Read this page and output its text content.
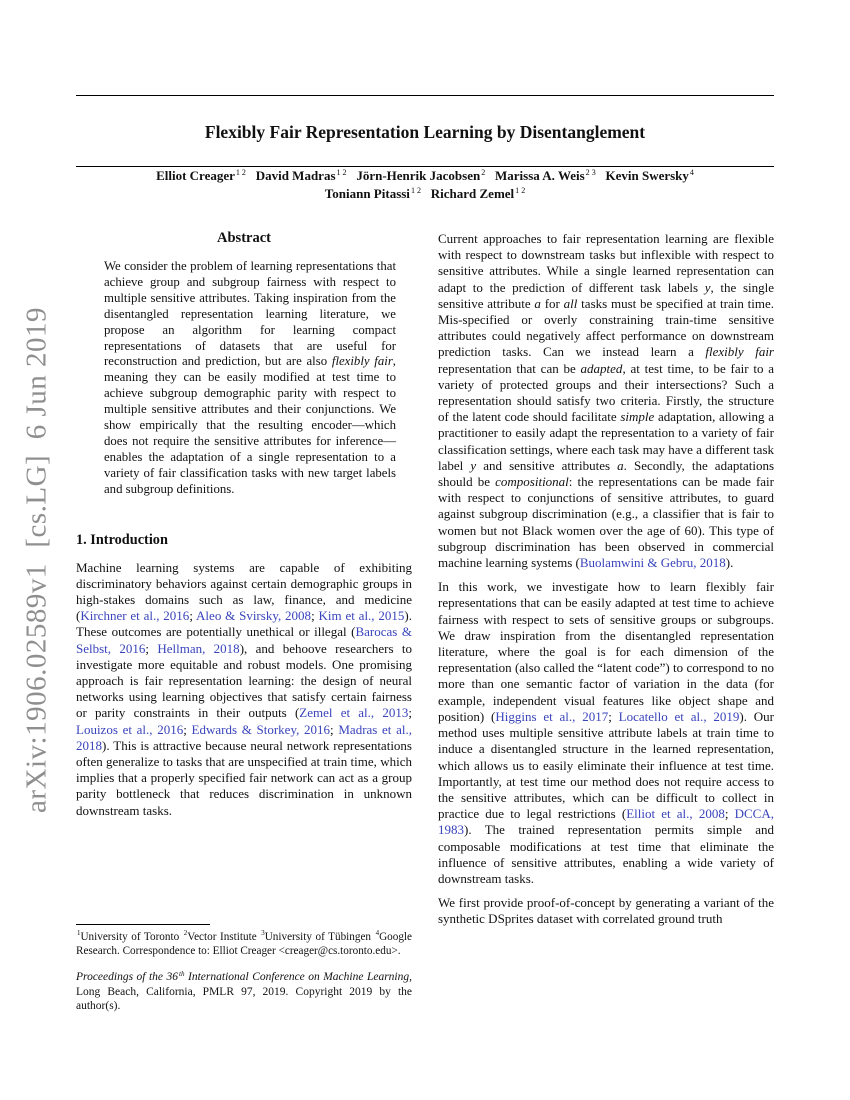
arXiv:1906.02589v1  [cs.LG]  6 Jun 2019
Flexibly Fair Representation Learning by Disentanglement
Elliot Creager$^{1 2}$ David Madras$^{1 2}$ Jörn-Henrik Jacobsen$^2$ Marissa A. Weis$^{2 3}$ Kevin Swersky$^4$
Toniann Pitassi$^{1 2}$ Richard Zemel$^{1 2}$
Abstract

We consider the problem of learning representations that achieve group and subgroup fairness with respect to multiple sensitive attributes. Taking inspiration from the disentangled representation learning literature, we propose an algorithm for learning compact representations of datasets that are useful for reconstruction and prediction, but are also flexibly fair, meaning they can be easily modified at test time to achieve subgroup demographic parity with respect to multiple sensitive attributes and their conjunctions. We show empirically that the resulting encoder—which does not require the sensitive attributes for inference—enables the adaptation of a single representation to a variety of fair classification tasks with new target labels and subgroup definitions.

1. Introduction

Machine learning systems are capable of exhibiting discriminatory behaviors against certain demographic groups in high-stakes domains such as law, finance, and medicine (Kirchner et al., 2016; Aleo & Svirsky, 2008; Kim et al., 2015). These outcomes are potentially unethical or illegal (Barocas & Selbst, 2016; Hellman, 2018), and behoove researchers to investigate more equitable and robust models. One promising approach is fair representation learning: the design of neural networks using learning objectives that satisfy certain fairness or parity constraints in their outputs (Zemel et al., 2013; Louizos et al., 2016; Edwards & Storkey, 2016; Madras et al., 2018). This is attractive because neural network representations often generalize to tasks that are unspecified at train time, which implies that a properly specified fair network can act as a group parity bottleneck that reduces discrimination in unknown downstream tasks.

$^1$University of Toronto $^2$Vector Institute $^3$University of Tübingen $^4$Google Research. Correspondence to: Elliot Creager <creager@cs.toronto.edu>.

Proceedings of the 36th International Conference on Machine Learning, Long Beach, California, PMLR 97, 2019. Copyright 2019 by the author(s).

Current approaches to fair representation learning are flexible with respect to downstream tasks but inflexible with respect to sensitive attributes. While a single learned representation can adapt to the prediction of different task labels y, the single sensitive attribute a for all tasks must be specified at train time. Mis-specified or overly constraining train-time sensitive attributes could negatively affect performance on downstream prediction tasks. Can we instead learn a flexibly fair representation that can be adapted, at test time, to be fair to a variety of protected groups and their intersections? Such a representation should satisfy two criteria. Firstly, the structure of the latent code should facilitate simple adaptation, allowing a practitioner to easily adapt the representation to a variety of fair classification settings, where each task may have a different task label y and sensitive attributes a. Secondly, the adaptations should be compositional: the representations can be made fair with respect to conjunctions of sensitive attributes, to guard against subgroup discrimination (e.g., a classifier that is fair to women but not Black women over the age of 60). This type of subgroup discrimination has been observed in commercial machine learning systems (Buolamwini & Gebru, 2018).

In this work, we investigate how to learn flexibly fair representations that can be easily adapted at test time to achieve fairness with respect to sets of sensitive groups or subgroups. We draw inspiration from the disentangled representation literature, where the goal is for each dimension of the representation (also called the “latent code”) to correspond to no more than one semantic factor of variation in the data (for example, independent visual features like object shape and position) (Higgins et al., 2017; Locatello et al., 2019). Our method uses multiple sensitive attribute labels at train time to induce a disentangled structure in the learned representation, which allows us to easily eliminate their influence at test time. Importantly, at test time our method does not require access to the sensitive attributes, which can be difficult to collect in practice due to legal restrictions (Elliot et al., 2008; DCCA, 1983). The trained representation permits simple and composable modifications at test time that eliminate the influence of sensitive attributes, enabling a wide variety of downstream tasks.

We first provide proof-of-concept by generating a variant of the synthetic DSprites dataset with correlated ground truth
